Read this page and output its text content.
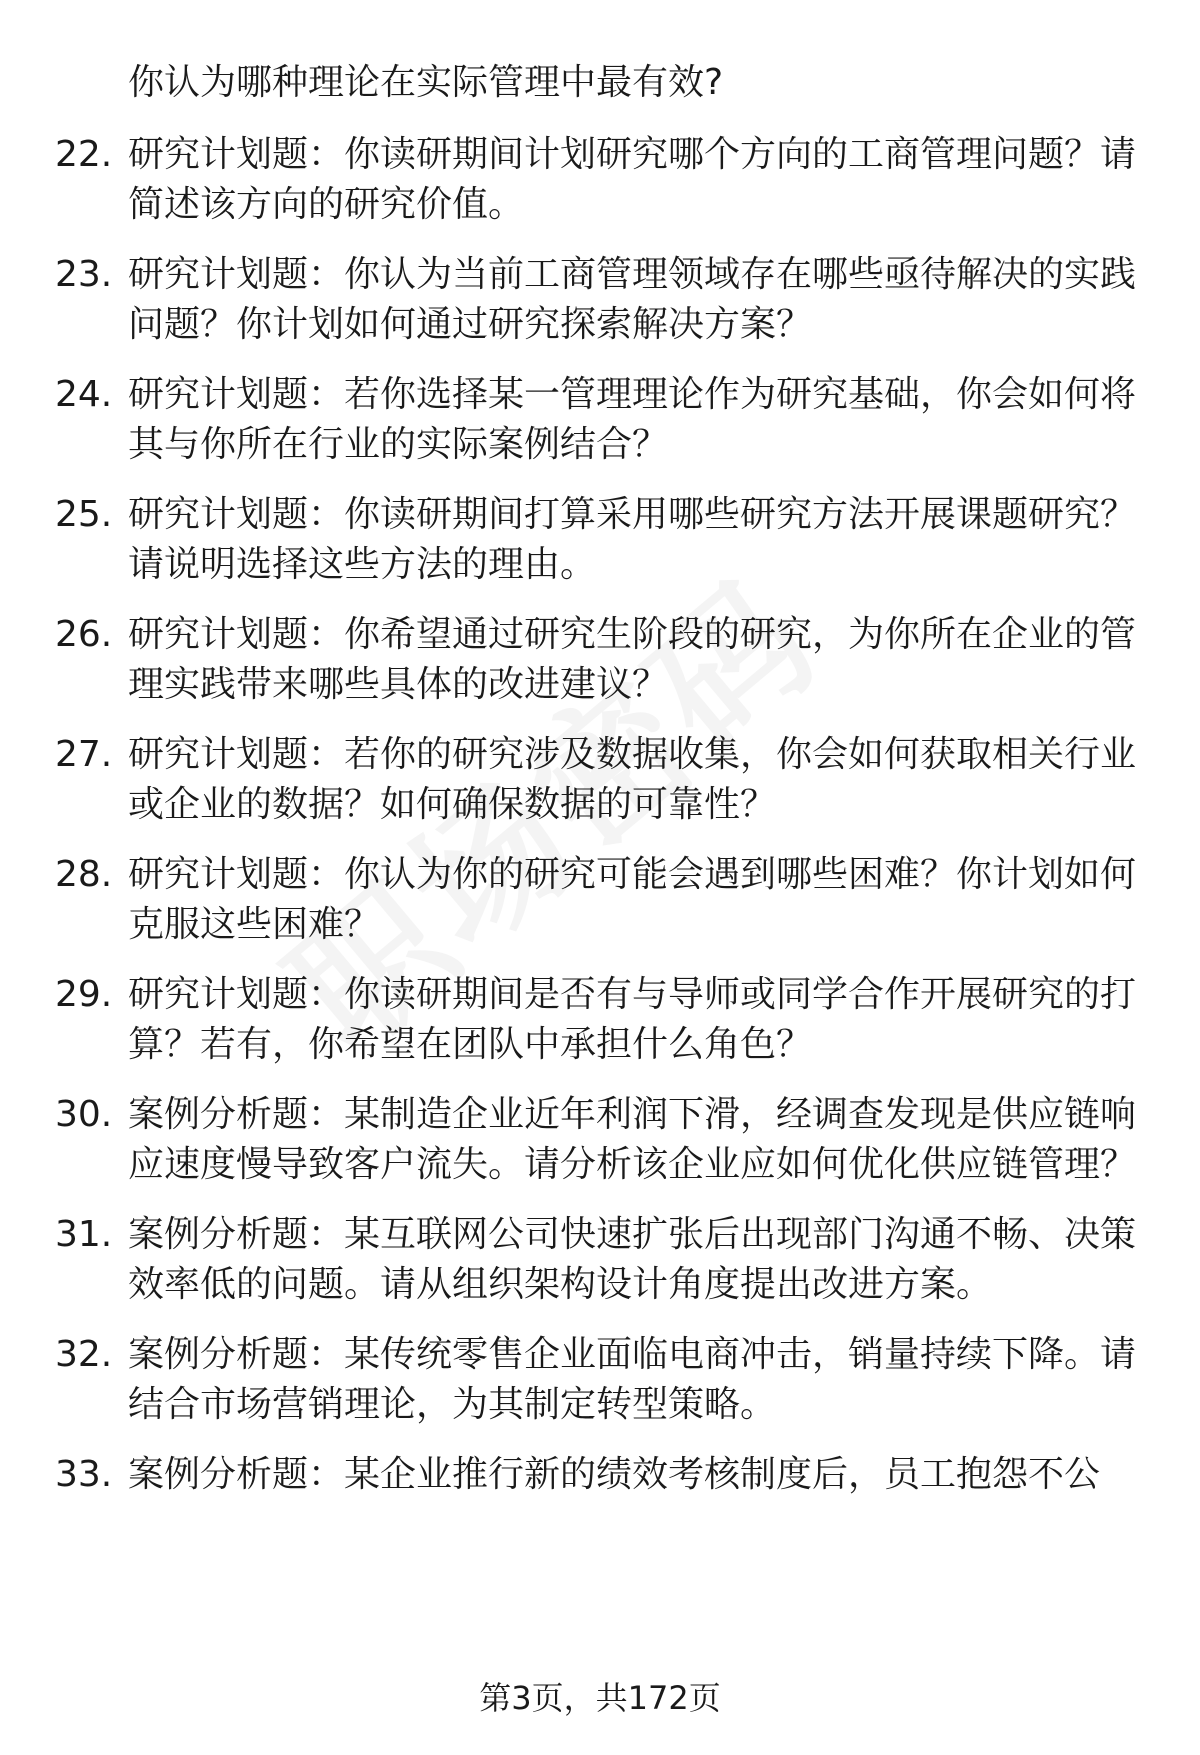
你认为哪种理论在实际管理中最有效?
22. 研究计划题：你读研期间计划研究哪个方向的工商管理问题？请简述该方向的研究价值。
23. 研究计划题：你认为当前工商管理领域存在哪些亟待解决的实践问题？你计划如何通过研究探索解决方案？
24. 研究计划题：若你选择某一管理理论作为研究基础，你会如何将其与你所在行业的实际案例结合？
25. 研究计划题：你读研期间打算采用哪些研究方法开展课题研究？请说明选择这些方法的理由。
26. 研究计划题：你希望通过研究生阶段的研究，为你所在企业的管理实践带来哪些具体的改进建议？
27. 研究计划题：若你的研究涉及数据收集，你会如何获取相关行业或企业的数据？如何确保数据的可靠性？
28. 研究计划题：你认为你的研究可能会遇到哪些困难？你计划如何克服这些困难？
29. 研究计划题：你读研期间是否有与导师或同学合作开展研究的打算？若有，你希望在团队中承担什么角色？
30. 案例分析题：某制造企业近年利润下滑，经调查发现是供应链响应速度慢导致客户流失。请分析该企业应如何优化供应链管理？
31. 案例分析题：某互联网公司快速扩张后出现部门沟通不畅、决策效率低的问题。请从组织架构设计角度提出改进方案。
32. 案例分析题：某传统零售企业面临电商冲击，销量持续下降。请结合市场营销理论，为其制定转型策略。
33. 案例分析题：某企业推行新的绩效考核制度后，员工抱怨不公
第3页，共172页
